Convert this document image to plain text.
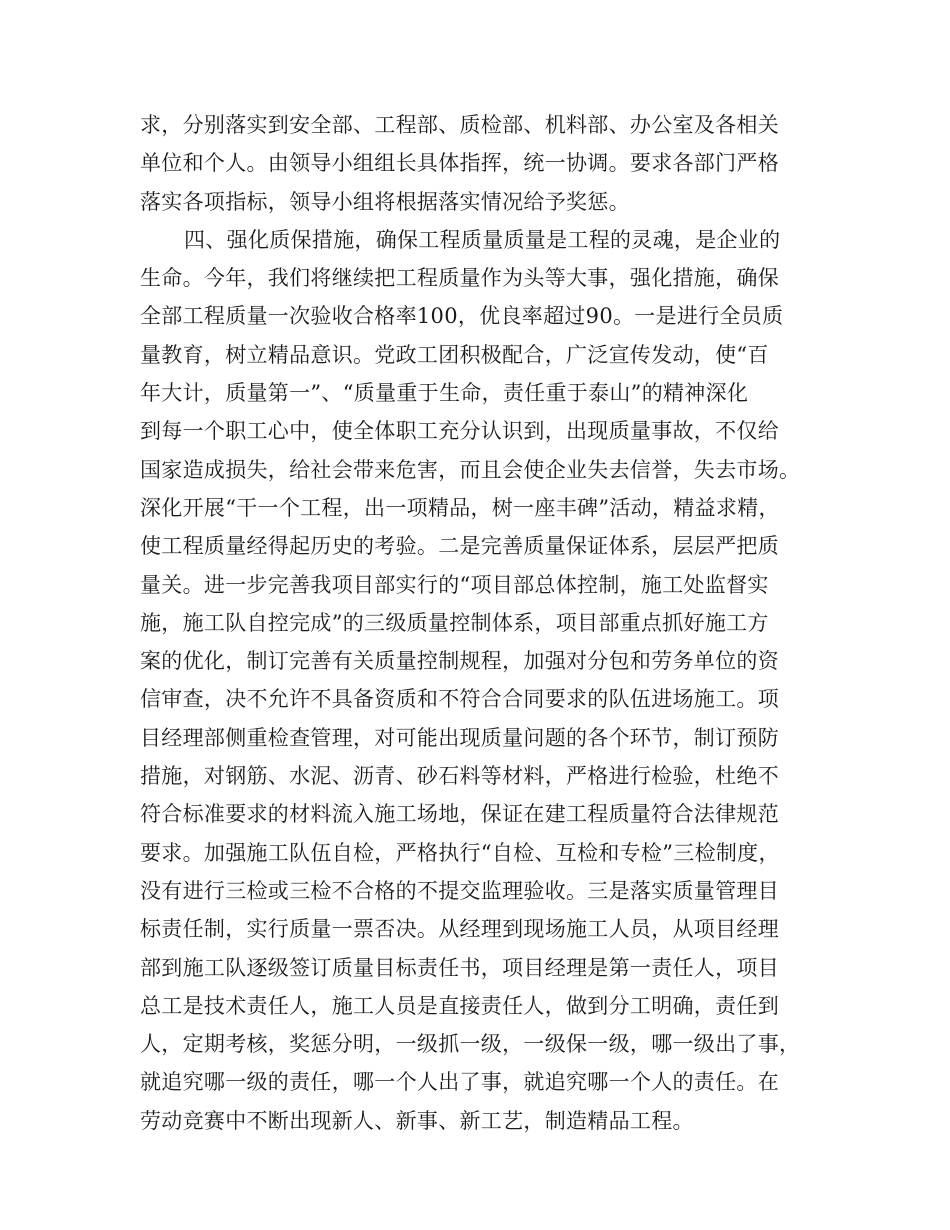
求，分别落实到安全部、工程部、质检部、机料部、办公室及各相关
单位和个人。由领导小组组长具体指挥，统一协调。要求各部门严格
落实各项指标，领导小组将根据落实情况给予奖惩。
四、强化质保措施，确保工程质量质量是工程的灵魂，是企业的
生命。今年，我们将继续把工程质量作为头等大事，强化措施，确保
全部工程质量一次验收合格率100，优良率超过90。一是进行全员质
量教育，树立精品意识。党政工团积极配合，广泛宣传发动，使“百
年大计，质量第一”、“质量重于生命，责任重于泰山”的精神深化
到每一个职工心中，使全体职工充分认识到，出现质量事故，不仅给
国家造成损失，给社会带来危害，而且会使企业失去信誉，失去市场。
深化开展“干一个工程，出一项精品，树一座丰碑”活动，精益求精，
使工程质量经得起历史的考验。二是完善质量保证体系，层层严把质
量关。进一步完善我项目部实行的“项目部总体控制，施工处监督实
施，施工队自控完成”的三级质量控制体系，项目部重点抓好施工方
案的优化，制订完善有关质量控制规程，加强对分包和劳务单位的资
信审查，决不允许不具备资质和不符合合同要求的队伍进场施工。项
目经理部侧重检查管理，对可能出现质量问题的各个环节，制订预防
措施，对钢筋、水泥、沥青、砂石料等材料，严格进行检验，杜绝不
符合标准要求的材料流入施工场地，保证在建工程质量符合法律规范
要求。加强施工队伍自检，严格执行“自检、互检和专检”三检制度，
没有进行三检或三检不合格的不提交监理验收。三是落实质量管理目
标责任制，实行质量一票否决。从经理到现场施工人员，从项目经理
部到施工队逐级签订质量目标责任书，项目经理是第一责任人，项目
总工是技术责任人，施工人员是直接责任人，做到分工明确，责任到
人，定期考核，奖惩分明，一级抓一级，一级保一级，哪一级出了事，
就追究哪一级的责任，哪一个人出了事，就追究哪一个人的责任。在
劳动竞赛中不断出现新人、新事、新工艺，制造精品工程。
